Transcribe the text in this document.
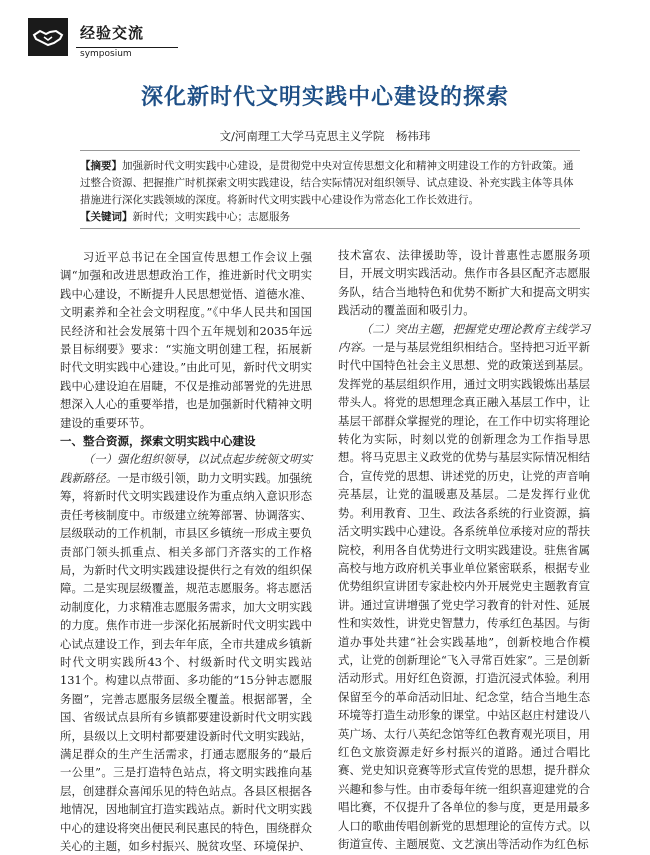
经验交流
symposium
深化新时代文明实践中心建设的探索
文/河南理工大学马克思主义学院　杨祎玮
【摘要】加强新时代文明实践中心建设，是贯彻党中央对宣传思想文化和精神文明建设工作的方针政策。通过整合资源、把握推广时机探索文明实践建设，结合实际情况对组织领导、试点建设、补充实践主体等具体措施进行深化实践领域的深度。将新时代文明实践中心建设作为常态化工作长效进行。
【关键词】新时代；文明实践中心；志愿服务

习近平总书记在全国宣传思想工作会议上强调“加强和改进思想政治工作，推进新时代文明实践中心建设，不断提升人民思想觉悟、道德水准、文明素养和全社会文明程度。”《中华人民共和国国民经济和社会发展第十四个五年规划和2035年远景目标纲要》要求：“实施文明创建工程，拓展新时代文明实践中心建设。”由此可见，新时代文明实践中心建设迫在眉睫，不仅是推动部署党的先进思想深入人心的重要举措，也是加强新时代精神文明建设的重要环节。

一、整合资源，探索文明实践中心建设

（一）强化组织领导，以试点起步统领文明实践新路径。一是市级引领，助力文明实践。加强统筹，将新时代文明实践建设作为重点纳入意识形态责任考核制度中。市级建立统筹部署、协调落实、层级联动的工作机制，市县区乡镇统一形成主要负责部门领头抓重点、相关多部门齐落实的工作格局，为新时代文明实践建设提供行之有效的组织保障。二是实现层级覆盖，规范志愿服务。将志愿活动制度化，力求精准志愿服务需求，加大文明实践的力度。焦作市进一步深化拓展新时代文明实践中心试点建设工作，到去年年底，全市共建成乡镇新时代文明实践所43个、村级新时代文明实践站131个。构建以点带面、多功能的“15分钟志愿服务圈”，完善志愿服务层级全覆盖。根据部署，全国、省级试点县所有乡镇都要建设新时代文明实践所，县级以上文明村都要建设新时代文明实践站，满足群众的生产生活需求，打通志愿服务的“最后一公里”。三是打造特色站点，将文明实践推向基层，创建群众喜闻乐见的特色站点。各县区根据各地情况，因地制宜打造实践站点。新时代文明实践中心的建设将突出便民利民惠民的特色，围绕群众关心的主题，如乡村振兴、脱贫攻坚、环境保护、

技术富农、法律援助等，设计普惠性志愿服务项目，开展文明实践活动。焦作市各县区配齐志愿服务队，结合当地特色和优势不断扩大和提高文明实践活动的覆盖面和吸引力。

（二）突出主题，把握党史理论教育主线学习内容。一是与基层党组织相结合。坚持把习近平新时代中国特色社会主义思想、党的政策送到基层。发挥党的基层组织作用，通过文明实践锻炼出基层带头人。将党的思想理念真正融入基层工作中，让基层干部群众掌握党的理论，在工作中切实将理论转化为实际，时刻以党的创新理念为工作指导思想。将马克思主义政党的优势与基层实际情况相结合，宣传党的思想、讲述党的历史，让党的声音响亮基层，让党的温暖惠及基层。二是发挥行业优势。利用教育、卫生、政法各系统的行业资源，搞活文明实践中心建设。各系统单位承接对应的帮扶院校，利用各自优势进行文明实践建设。驻焦省属高校与地方政府机关事业单位紧密联系，根据专业优势组织宣讲团专家赴校内外开展党史主题教育宣讲。通过宣讲增强了党史学习教育的针对性、延展性和实效性，讲党史智慧力，传承红色基因。与街道办事处共建“社会实践基地”，创新校地合作模式，让党的创新理论“飞入寻常百姓家”。三是创新活动形式。用好红色资源，打造沉浸式体验。利用保留至今的革命活动旧址、纪念堂，结合当地生态环境等打造生动形象的课堂。中站区赵庄村建设八英广场、太行八英纪念馆等红色教育观光项目，用红色文旅资源走好乡村振兴的道路。通过合唱比赛、党史知识竞赛等形式宣传党的思想，提升群众兴趣和参与性。由市委每年统一组织喜迎建党的合唱比赛，不仅提升了各单位的参与度，更是用最多人口的歌曲传唱创新党的思想理论的宣传方式。以街道宣传、主题展览、文艺演出等活动作为红色标
